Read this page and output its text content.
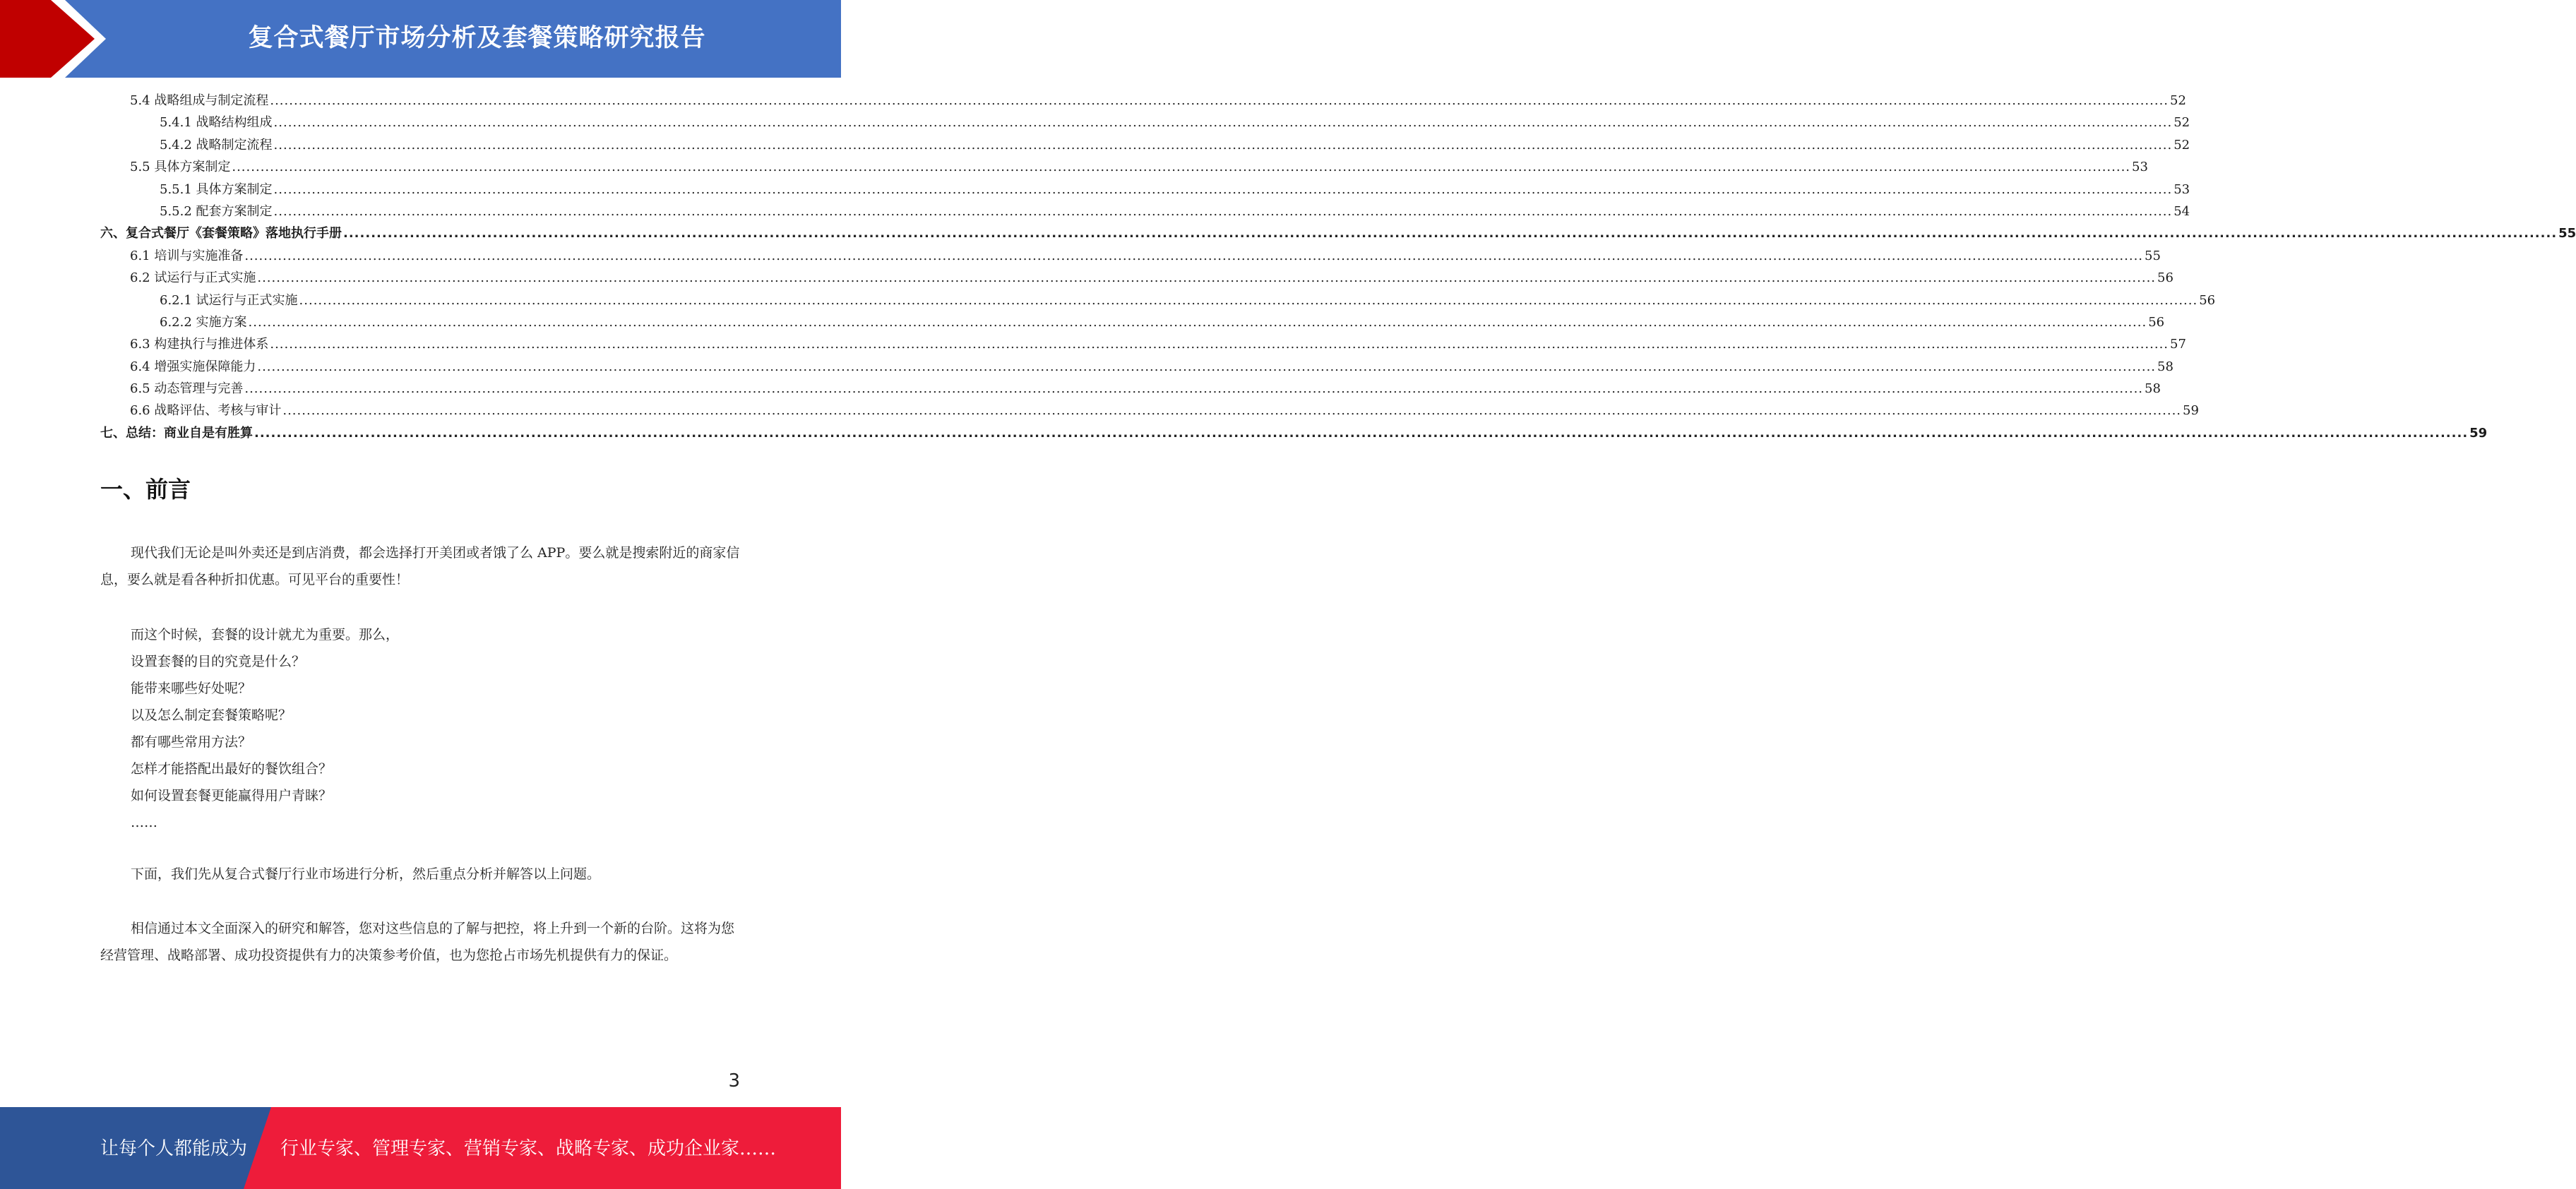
复合式餐厅市场分析及套餐策略研究报告
5.4 战略组成与制定流程 ................................................................................................................................................................................................................................................................................................................................................................................................................ 52
5.4.1 战略结构组成 ................................................................................................................................................................................................................................................................................................................................................................................................................ 52
5.4.2 战略制定流程 ................................................................................................................................................................................................................................................................................................................................................................................................................ 52
5.5 具体方案制定 ................................................................................................................................................................................................................................................................................................................................................................................................................ 53
5.5.1 具体方案制定 ................................................................................................................................................................................................................................................................................................................................................................................................................ 53
5.5.2 配套方案制定 ................................................................................................................................................................................................................................................................................................................................................................................................................ 54
六、复合式餐厅《套餐策略》落地执行手册 ................................................................................................................................................................................................................................................................................................................................................................................................................ 55
6.1 培训与实施准备 ................................................................................................................................................................................................................................................................................................................................................................................................................ 55
6.2 试运行与正式实施 ................................................................................................................................................................................................................................................................................................................................................................................................................ 56
6.2.1 试运行与正式实施 ................................................................................................................................................................................................................................................................................................................................................................................................................ 56
6.2.2 实施方案 ................................................................................................................................................................................................................................................................................................................................................................................................................ 56
6.3 构建执行与推进体系 ................................................................................................................................................................................................................................................................................................................................................................................................................ 57
6.4 增强实施保障能力 ................................................................................................................................................................................................................................................................................................................................................................................................................ 58
6.5 动态管理与完善 ................................................................................................................................................................................................................................................................................................................................................................................................................ 58
6.6 战略评估、考核与审计 ................................................................................................................................................................................................................................................................................................................................................................................................................ 59
七、总结：商业自是有胜算 ................................................................................................................................................................................................................................................................................................................................................................................................................ 59
一、前言
现代我们无论是叫外卖还是到店消费，都会选择打开美团或者饿了么 APP。要么就是搜索附近的商家信息，要么就是看各种折扣优惠。可见平台的重要性！
而这个时候，套餐的设计就尤为重要。那么，
设置套餐的目的究竟是什么？
能带来哪些好处呢？
以及怎么制定套餐策略呢？
都有哪些常用方法？
怎样才能搭配出最好的餐饮组合？
如何设置套餐更能赢得用户青睐？
……
下面，我们先从复合式餐厅行业市场进行分析，然后重点分析并解答以上问题。
相信通过本文全面深入的研究和解答，您对这些信息的了解与把控，将上升到一个新的台阶。这将为您经营管理、战略部署、成功投资提供有力的决策参考价值，也为您抢占市场先机提供有力的保证。
3
让每个人都能成为 行业专家、管理专家、营销专家、战略专家、成功企业家……
